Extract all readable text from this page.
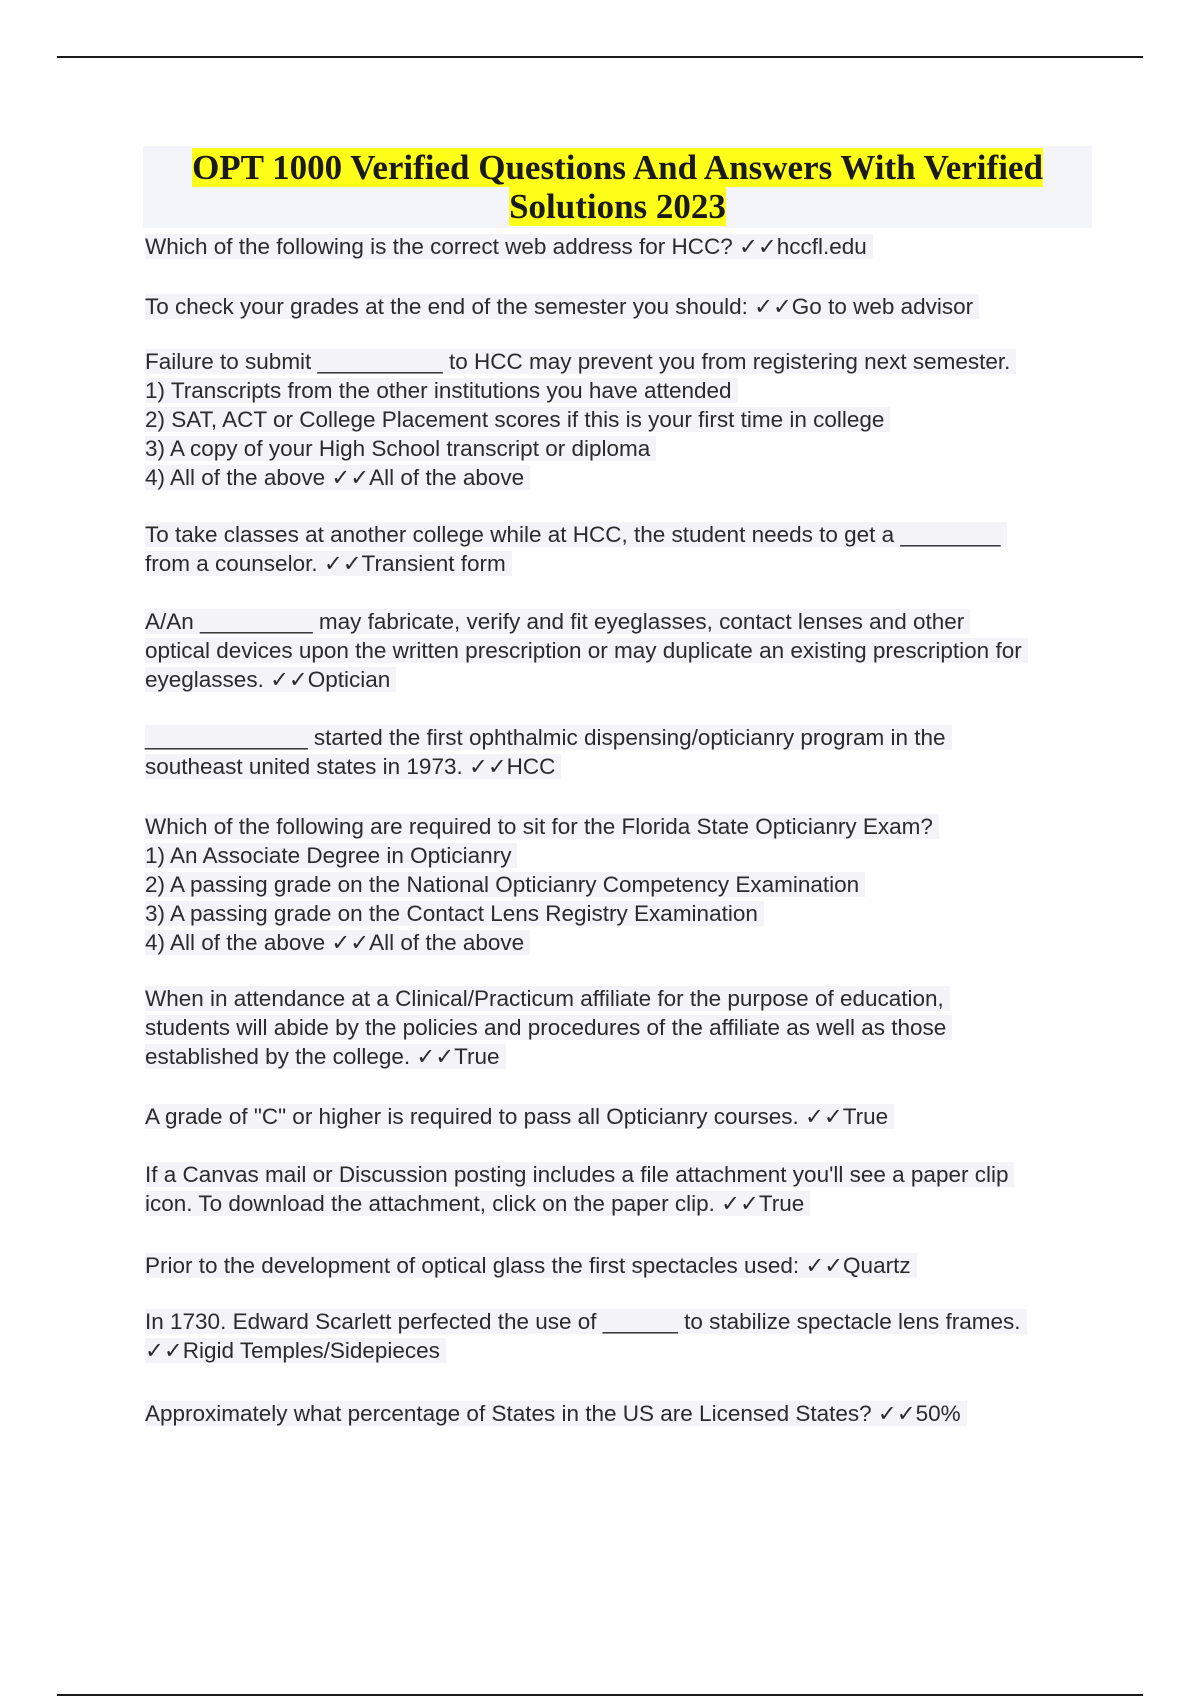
OPT 1000 Verified Questions And Answers With Verified
Solutions 2023

Which of the following is the correct web address for HCC? ✓✓hccfl.edu

To check your grades at the end of the semester you should: ✓✓Go to web advisor

Failure to submit __________ to HCC may prevent you from registering next semester.
1) Transcripts from the other institutions you have attended
2) SAT, ACT or College Placement scores if this is your first time in college
3) A copy of your High School transcript or diploma
4) All of the above ✓✓All of the above

To take classes at another college while at HCC, the student needs to get a ________
from a counselor. ✓✓Transient form

A/An _________ may fabricate, verify and fit eyeglasses, contact lenses and other
optical devices upon the written prescription or may duplicate an existing prescription for
eyeglasses. ✓✓Optician

_____________ started the first ophthalmic dispensing/opticianry program in the
southeast united states in 1973. ✓✓HCC

Which of the following are required to sit for the Florida State Opticianry Exam?
1) An Associate Degree in Opticianry
2) A passing grade on the National Opticianry Competency Examination
3) A passing grade on the Contact Lens Registry Examination
4) All of the above ✓✓All of the above

When in attendance at a Clinical/Practicum affiliate for the purpose of education,
students will abide by the policies and procedures of the affiliate as well as those
established by the college. ✓✓True

A grade of "C" or higher is required to pass all Opticianry courses. ✓✓True

If a Canvas mail or Discussion posting includes a file attachment you'll see a paper clip
icon. To download the attachment, click on the paper clip. ✓✓True

Prior to the development of optical glass the first spectacles used: ✓✓Quartz

In 1730. Edward Scarlett perfected the use of ______ to stabilize spectacle lens frames.
✓✓Rigid Temples/Sidepieces

Approximately what percentage of States in the US are Licensed States? ✓✓50%
